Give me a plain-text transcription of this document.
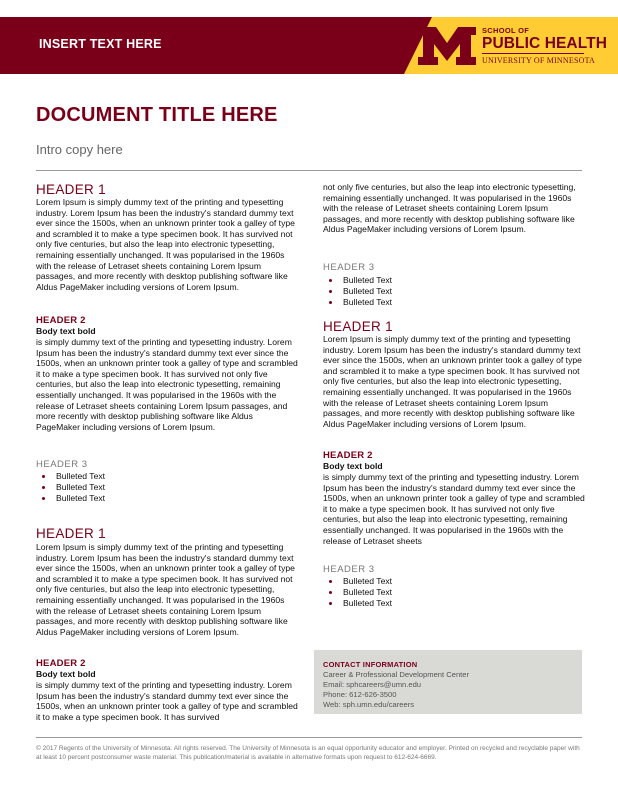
INSERT TEXT HERE
SCHOOL OF
PUBLIC HEALTH
UNIVERSITY OF MINNESOTA
DOCUMENT TITLE HERE
Intro copy here
HEADER 1

Lorem Ipsum is simply dummy text of the printing and typesetting industry. Lorem Ipsum has been the industry's standard dummy text ever since the 1500s, when an unknown printer took a galley of type and scrambled it to make a type specimen book. It has survived not only five centuries, but also the leap into electronic typesetting, remaining essentially unchanged. It was popularised in the 1960s with the release of Letraset sheets containing Lorem Ipsum passages, and more recently with desktop publishing software like Aldus PageMaker including versions of Lorem Ipsum.

HEADER 2
Body text bold

is simply dummy text of the printing and typesetting industry. Lorem Ipsum has been the industry's standard dummy text ever since the 1500s, when an unknown printer took a galley of type and scrambled it to make a type specimen book. It has survived not only five centuries, but also the leap into electronic typesetting, remaining essentially unchanged. It was popularised in the 1960s with the release of Letraset sheets containing Lorem Ipsum passages, and more recently with desktop publishing software like Aldus PageMaker including versions of Lorem Ipsum.

HEADER 3
Bulleted Text
Bulleted Text
Bulleted Text
HEADER 1

Lorem Ipsum is simply dummy text of the printing and typesetting industry. Lorem Ipsum has been the industry's standard dummy text ever since the 1500s, when an unknown printer took a galley of type and scrambled it to make a type specimen book. It has survived not only five centuries, but also the leap into electronic typesetting, remaining essentially unchanged. It was popularised in the 1960s with the release of Letraset sheets containing Lorem Ipsum passages, and more recently with desktop publishing software like Aldus PageMaker including versions of Lorem Ipsum.

HEADER 2
Body text bold

is simply dummy text of the printing and typesetting industry. Lorem Ipsum has been the industry's standard dummy text ever since the 1500s, when an unknown printer took a galley of type and scrambled it to make a type specimen book. It has survived

not only five centuries, but also the leap into electronic typesetting, remaining essentially unchanged. It was popularised in the 1960s with the release of Letraset sheets containing Lorem Ipsum passages, and more recently with desktop publishing software like Aldus PageMaker including versions of Lorem Ipsum.

HEADER 3
Bulleted Text
Bulleted Text
Bulleted Text
HEADER 1

Lorem Ipsum is simply dummy text of the printing and typesetting industry. Lorem Ipsum has been the industry's standard dummy text ever since the 1500s, when an unknown printer took a galley of type and scrambled it to make a type specimen book. It has survived not only five centuries, but also the leap into electronic typesetting, remaining essentially unchanged. It was popularised in the 1960s with the release of Letraset sheets containing Lorem Ipsum passages, and more recently with desktop publishing software like Aldus PageMaker including versions of Lorem Ipsum.

HEADER 2
Body text bold

is simply dummy text of the printing and typesetting industry. Lorem Ipsum has been the industry's standard dummy text ever since the 1500s, when an unknown printer took a galley of type and scrambled it to make a type specimen book. It has survived not only five centuries, but also the leap into electronic typesetting, remaining essentially unchanged. It was popularised in the 1960s with the release of Letraset sheets

HEADER 3
Bulleted Text
Bulleted Text
Bulleted Text
CONTACT INFORMATION
Career & Professional Development Center
Email: sphcareers@umn.edu
Phone: 612-626-3500
Web: sph.umn.edu/careers
© 2017 Regents of the University of Minnesota. All rights reserved. The University of Minnesota is an equal opportunity educator and employer. Printed on recycled and recyclable paper with at least 10 percent postconsumer waste material. This publication/material is available in alternative formats upon request to 612-624-6669.
